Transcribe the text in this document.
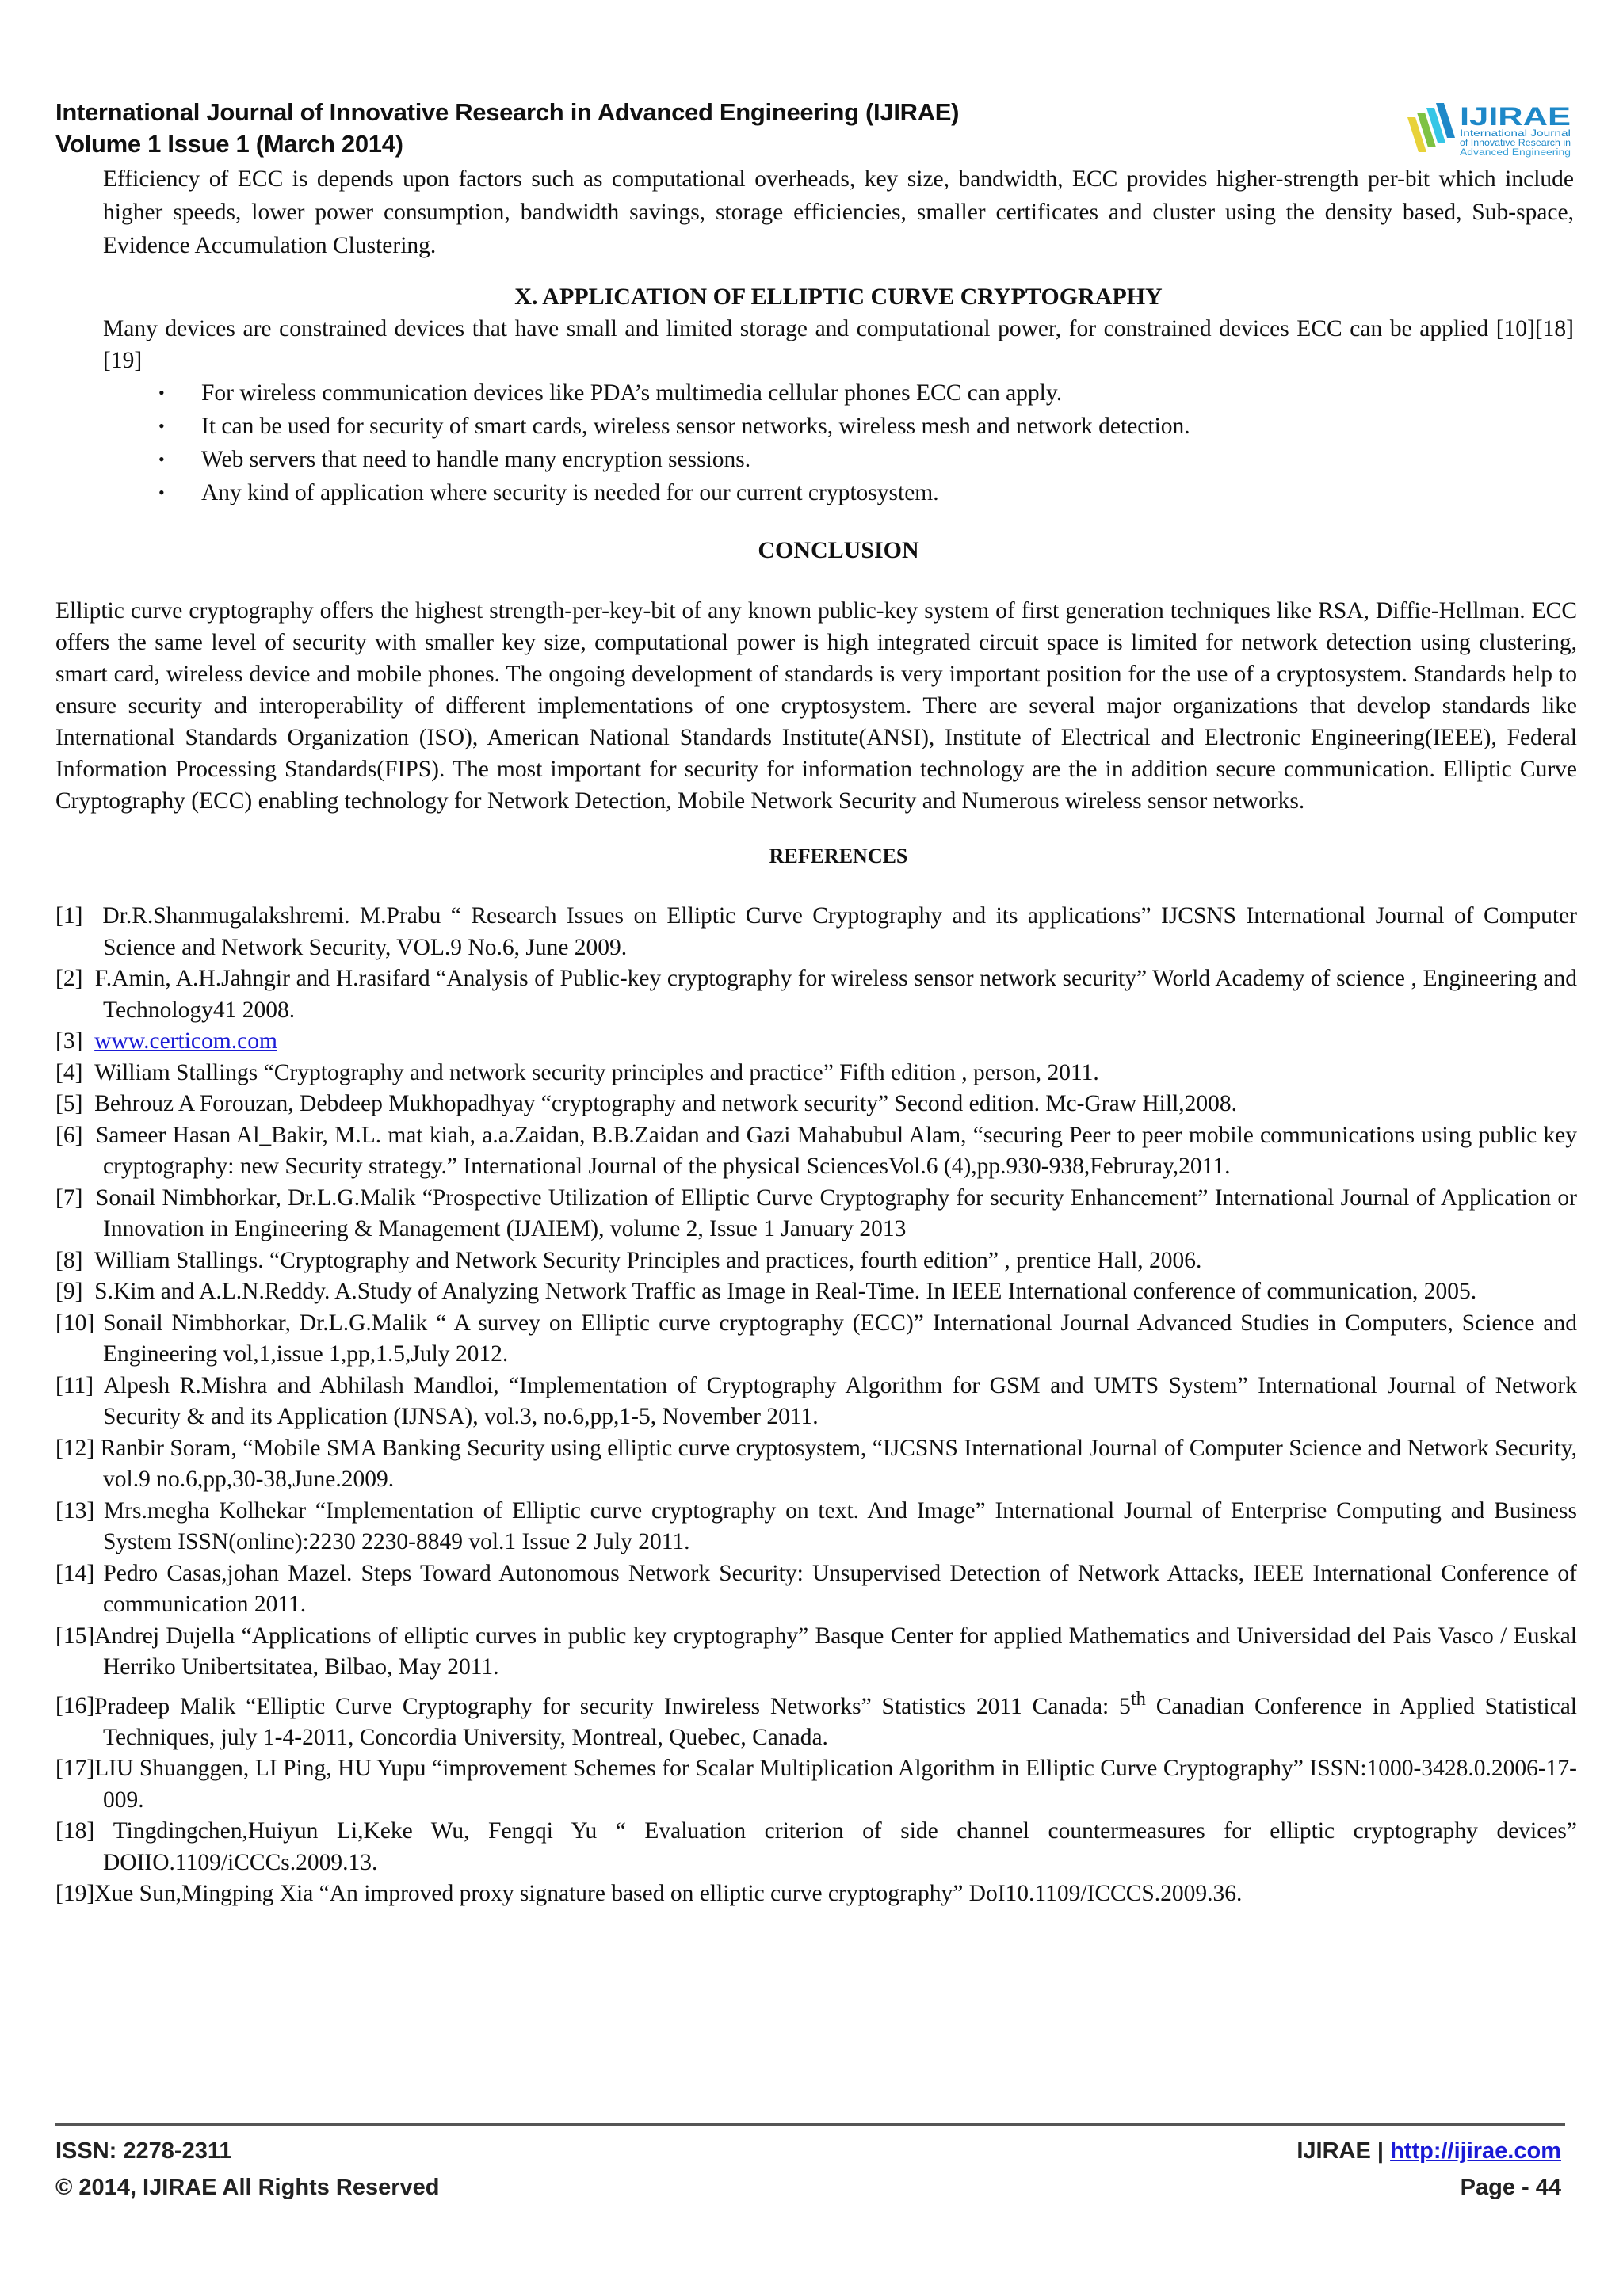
International Journal of Innovative Research in Advanced Engineering (IJIRAE)
Volume 1 Issue 1 (March 2014)
IJIRAE
International Journal
of Innovative Research in
Advanced Engineering

Efficiency of ECC is depends upon factors such as computational overheads, key size, bandwidth, ECC provides higher-strength per-bit which include higher speeds, lower power consumption, bandwidth savings, storage efficiencies, smaller certificates and cluster using the density based, Sub-space, Evidence Accumulation Clustering.

X. APPLICATION OF ELLIPTIC CURVE CRYPTOGRAPHY

Many devices are constrained devices that have small and limited storage and computational power, for constrained devices ECC can be applied [10][18][19]

• For wireless communication devices like PDA’s multimedia cellular phones ECC can apply.
• It can be used for security of smart cards, wireless sensor networks, wireless mesh and network detection.
• Web servers that need to handle many encryption sessions.
• Any kind of application where security is needed for our current cryptosystem.
CONCLUSION

Elliptic curve cryptography offers the highest strength-per-key-bit of any known public-key system of first generation techniques like RSA, Diffie-Hellman. ECC offers the same level of security with smaller key size, computational power is high integrated circuit space is limited for network detection using clustering, smart card, wireless device and mobile phones. The ongoing development of standards is very important position for the use of a cryptosystem. Standards help to ensure security and interoperability of different implementations of one cryptosystem. There are several major organizations that develop standards like International Standards Organization (ISO), American National Standards Institute(ANSI), Institute of Electrical and Electronic Engineering(IEEE), Federal Information Processing Standards(FIPS). The most important for security for information technology are the in addition secure communication. Elliptic Curve Cryptography (ECC) enabling technology for Network Detection, Mobile Network Security and Numerous wireless sensor networks.

REFERENCES
[1] Dr.R.Shanmugalakshremi. M.Prabu “ Research Issues on Elliptic Curve Cryptography and its applications” IJCSNS International Journal of Computer Science and Network Security, VOL.9 No.6, June 2009.
[2] F.Amin, A.H.Jahngir and H.rasifard “Analysis of Public-key cryptography for wireless sensor network security” World Academy of science , Engineering and Technology41 2008.
[3] www.certicom.com
[4] William Stallings “Cryptography and network security principles and practice” Fifth edition , person, 2011.
[5] Behrouz A Forouzan, Debdeep Mukhopadhyay “cryptography and network security” Second edition. Mc-Graw Hill,2008.
[6] Sameer Hasan Al_Bakir, M.L. mat kiah, a.a.Zaidan, B.B.Zaidan and Gazi Mahabubul Alam, “securing Peer to peer mobile communications using public key cryptography: new Security strategy.” International Journal of the physical SciencesVol.6 (4),pp.930-938,Februray,2011.
[7] Sonail Nimbhorkar, Dr.L.G.Malik “Prospective Utilization of Elliptic Curve Cryptography for security Enhancement” International Journal of Application or Innovation in Engineering & Management (IJAIEM), volume 2, Issue 1 January 2013
[8] William Stallings. “Cryptography and Network Security Principles and practices, fourth edition” , prentice Hall, 2006.
[9] S.Kim and A.L.N.Reddy. A.Study of Analyzing Network Traffic as Image in Real-Time. In IEEE International conference of communication, 2005.
[10] Sonail Nimbhorkar, Dr.L.G.Malik “ A survey on Elliptic curve cryptography (ECC)” International Journal Advanced Studies in Computers, Science and Engineering vol,1,issue 1,pp,1.5,July 2012.
[11] Alpesh R.Mishra and Abhilash Mandloi, “Implementation of Cryptography Algorithm for GSM and UMTS System” International Journal of Network Security & and its Application (IJNSA), vol.3, no.6,pp,1-5, November 2011.
[12] Ranbir Soram, “Mobile SMA Banking Security using elliptic curve cryptosystem, “IJCSNS International Journal of Computer Science and Network Security, vol.9 no.6,pp,30-38,June.2009.
[13] Mrs.megha Kolhekar “Implementation of Elliptic curve cryptography on text. And Image” International Journal of Enterprise Computing and Business System ISSN(online):2230 2230-8849 vol.1 Issue 2 July 2011.
[14] Pedro Casas,johan Mazel. Steps Toward Autonomous Network Security: Unsupervised Detection of Network Attacks, IEEE International Conference of communication 2011.
[15]Andrej Dujella “Applications of elliptic curves in public key cryptography” Basque Center for applied Mathematics and Universidad del Pais Vasco / Euskal Herriko Unibertsitatea, Bilbao, May 2011.
[16]Pradeep Malik “Elliptic Curve Cryptography for security Inwireless Networks” Statistics 2011 Canada: 5th Canadian Conference in Applied Statistical Techniques, july 1-4-2011, Concordia University, Montreal, Quebec, Canada.
[17]LIU Shuanggen, LI Ping, HU Yupu “improvement Schemes for Scalar Multiplication Algorithm in Elliptic Curve Cryptography” ISSN:1000-3428.0.2006-17-009.
[18] Tingdingchen,Huiyun Li,Keke Wu, Fengqi Yu “ Evaluation criterion of side channel countermeasures for elliptic cryptography devices” DOIIO.1109/iCCCs.2009.13.
[19]Xue Sun,Mingping Xia “An improved proxy signature based on elliptic curve cryptography” DoI10.1109/ICCCS.2009.36.
ISSN: 2278-2311
© 2014, IJIRAE All Rights Reserved
IJIRAE | http://ijirae.com
Page - 44
